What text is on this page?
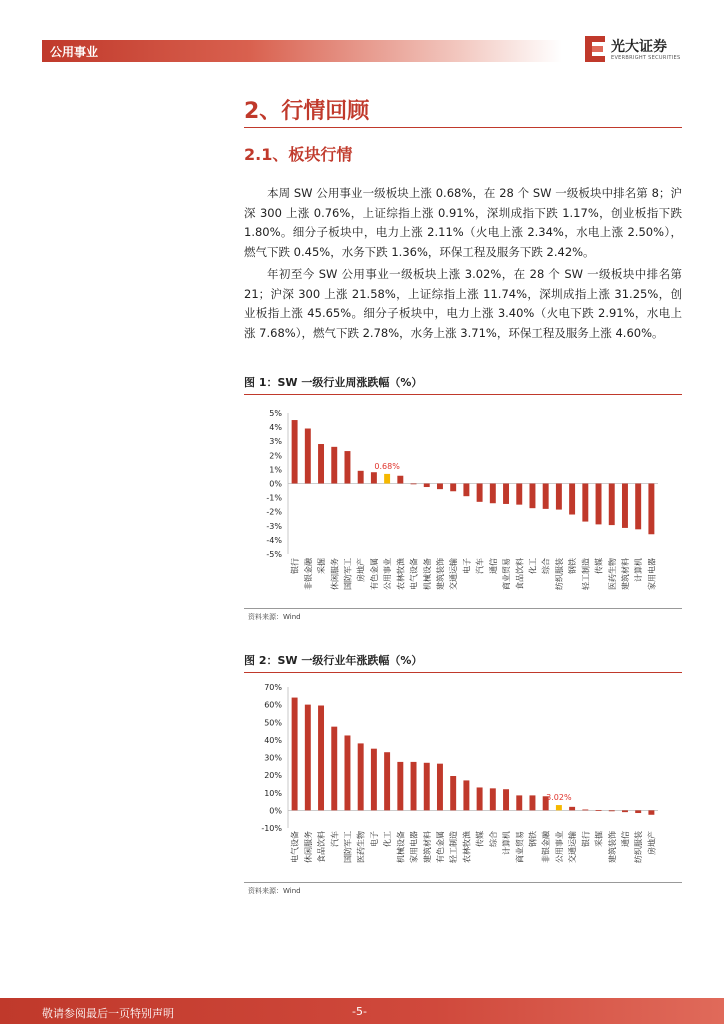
公用事业	光大证券
EVERBRIGHT SECURITIES
2、行情回顾
2.1、板块行情
本周 SW 公用事业一级板块上涨 0.68%，在 28 个 SW 一级板块中排名第 8；沪深 300 上涨 0.76%，上证综指上涨 0.91%，深圳成指下跌 1.17%，创业板指下跌 1.80%。细分子板块中，电力上涨 2.11%（火电上涨 2.34%，水电上涨 2.50%），燃气下跌 0.45%，水务下跌 1.36%，环保工程及服务下跌 2.42%。
年初至今 SW 公用事业一级板块上涨 3.02%，在 28 个 SW 一级板块中排名第 21；沪深 300 上涨 21.58%，上证综指上涨 11.74%，深圳成指上涨 31.25%，创业板指上涨 45.65%。细分子板块中，电力上涨 3.40%（火电下跌 2.91%，水电上涨 7.68%），燃气下跌 2.78%，水务上涨 3.71%，环保工程及服务上涨 4.60%。
图 1：SW 一级行业周涨跌幅（%）
5%
4%
3%
2%
1%
0%
-1%
-2%
-3%
-4%
-5%
银行 非银金融 采掘 休闲服务 国防军工 房地产 有色金属 公用事业
0.68%
农林牧渔 电气设备 机械设备 建筑装饰 交通运输 电子 汽车 通信 商业贸易 食品饮料 化工 综合 纺织服装 钢铁 轻工制造 传媒 医药生物 建筑材料 计算机 家用电器
资料来源：Wind
图 2：SW 一级行业年涨跌幅（%）
70%
60%
50%
40%
30%
20%
10%
0%
-10%
电气设备 休闲服务 食品饮料 汽车 国防军工 医药生物 电子 化工 机械设备 家用电器 建筑材料 有色金属 轻工制造 农林牧渔 传媒 综合 计算机 商业贸易 钢铁 非银金融 公用事业
3.02%
交通运输 银行 采掘 建筑装饰 通信 纺织服装 房地产
资料来源：Wind
敬请参阅最后一页特别声明	-5-
